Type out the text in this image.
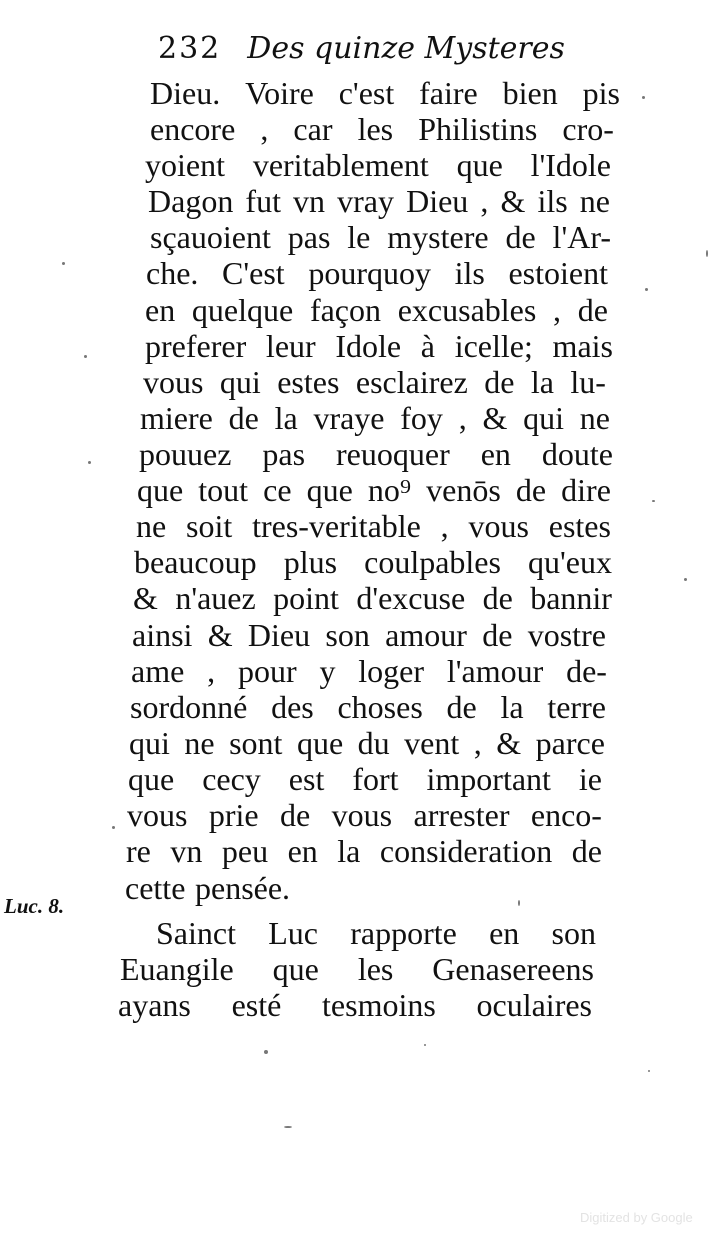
232 Des quinze Mysteres
Dieu. Voire c'est faire bien pis
encore , car les Philistins cro-
yoient veritablement que l'Idole
Dagon fut vn vray Dieu , & ils ne
sçauoient pas le mystere de l'Ar-
che. C'est pourquoy ils estoient
en quelque façon excusables , de
preferer leur Idole à icelle; mais
vous qui estes esclairez de la lu-
miere de la vraye foy , & qui ne
pouuez pas reuoquer en doute
que tout ce que no⁹ venōs de dire
ne soit tres-veritable , vous estes
beaucoup plus coulpables qu'eux
& n'auez point d'excuse de bannir
ainsi & Dieu son amour de vostre
ame , pour y loger l'amour de-
sordonné des choses de la terre
qui ne sont que du vent , & parce
que cecy est fort important ie
vous prie de vous arrester enco-
re vn peu en la consideration de
cette pensée.
Sainct Luc rapporte en son
Euangile que les Genasereens
ayans esté tesmoins oculaires
Luc. 8.
Digitized by Google
